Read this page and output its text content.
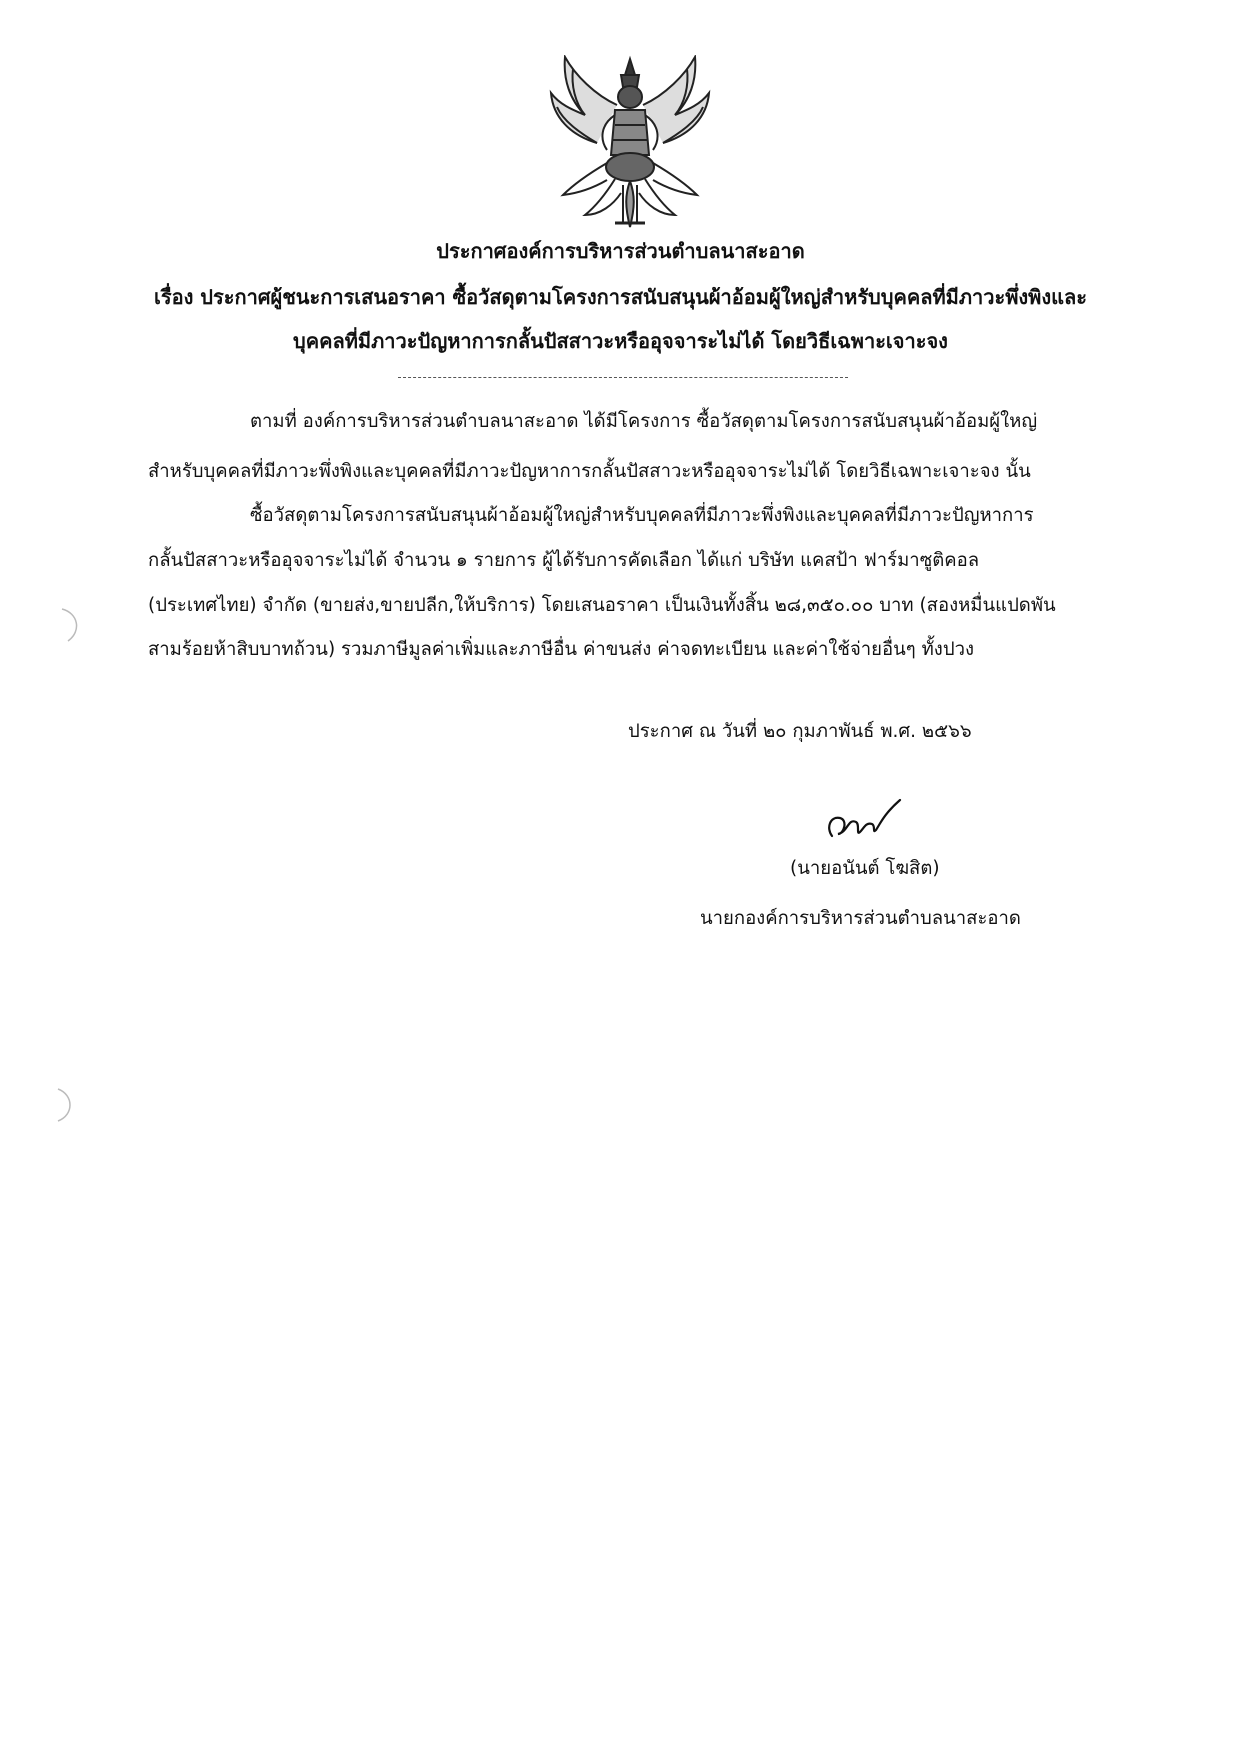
ประกาศองค์การบริหารส่วนตำบลนาสะอาด
เรื่อง ประกาศผู้ชนะการเสนอราคา ซื้อวัสดุตามโครงการสนับสนุนผ้าอ้อมผู้ใหญ่สำหรับบุคคลที่มีภาวะพึ่งพิงและ
บุคคลที่มีภาวะปัญหาการกลั้นปัสสาวะหรืออุจจาระไม่ได้ โดยวิธีเฉพาะเจาะจง
ตามที่ องค์การบริหารส่วนตำบลนาสะอาด ได้มีโครงการ ซื้อวัสดุตามโครงการสนับสนุนผ้าอ้อมผู้ใหญ่
สำหรับบุคคลที่มีภาวะพึ่งพิงและบุคคลที่มีภาวะปัญหาการกลั้นปัสสาวะหรืออุจจาระไม่ได้ โดยวิธีเฉพาะเจาะจง นั้น
ซื้อวัสดุตามโครงการสนับสนุนผ้าอ้อมผู้ใหญ่สำหรับบุคคลที่มีภาวะพึ่งพิงและบุคคลที่มีภาวะปัญหาการ
กลั้นปัสสาวะหรืออุจจาระไม่ได้ จำนวน ๑ รายการ ผู้ได้รับการคัดเลือก ได้แก่ บริษัท แคสป้า ฟาร์มาซูติคอล
(ประเทศไทย) จำกัด (ขายส่ง,ขายปลีก,ให้บริการ) โดยเสนอราคา เป็นเงินทั้งสิ้น ๒๘,๓๕๐.๐๐ บาท (สองหมื่นแปดพัน
สามร้อยห้าสิบบาทถ้วน) รวมภาษีมูลค่าเพิ่มและภาษีอื่น ค่าขนส่ง ค่าจดทะเบียน และค่าใช้จ่ายอื่นๆ ทั้งปวง
ประกาศ ณ วันที่ ๒๐ กุมภาพันธ์ พ.ศ. ๒๕๖๖
(นายอนันต์ โฆสิต)
นายกองค์การบริหารส่วนตำบลนาสะอาด
